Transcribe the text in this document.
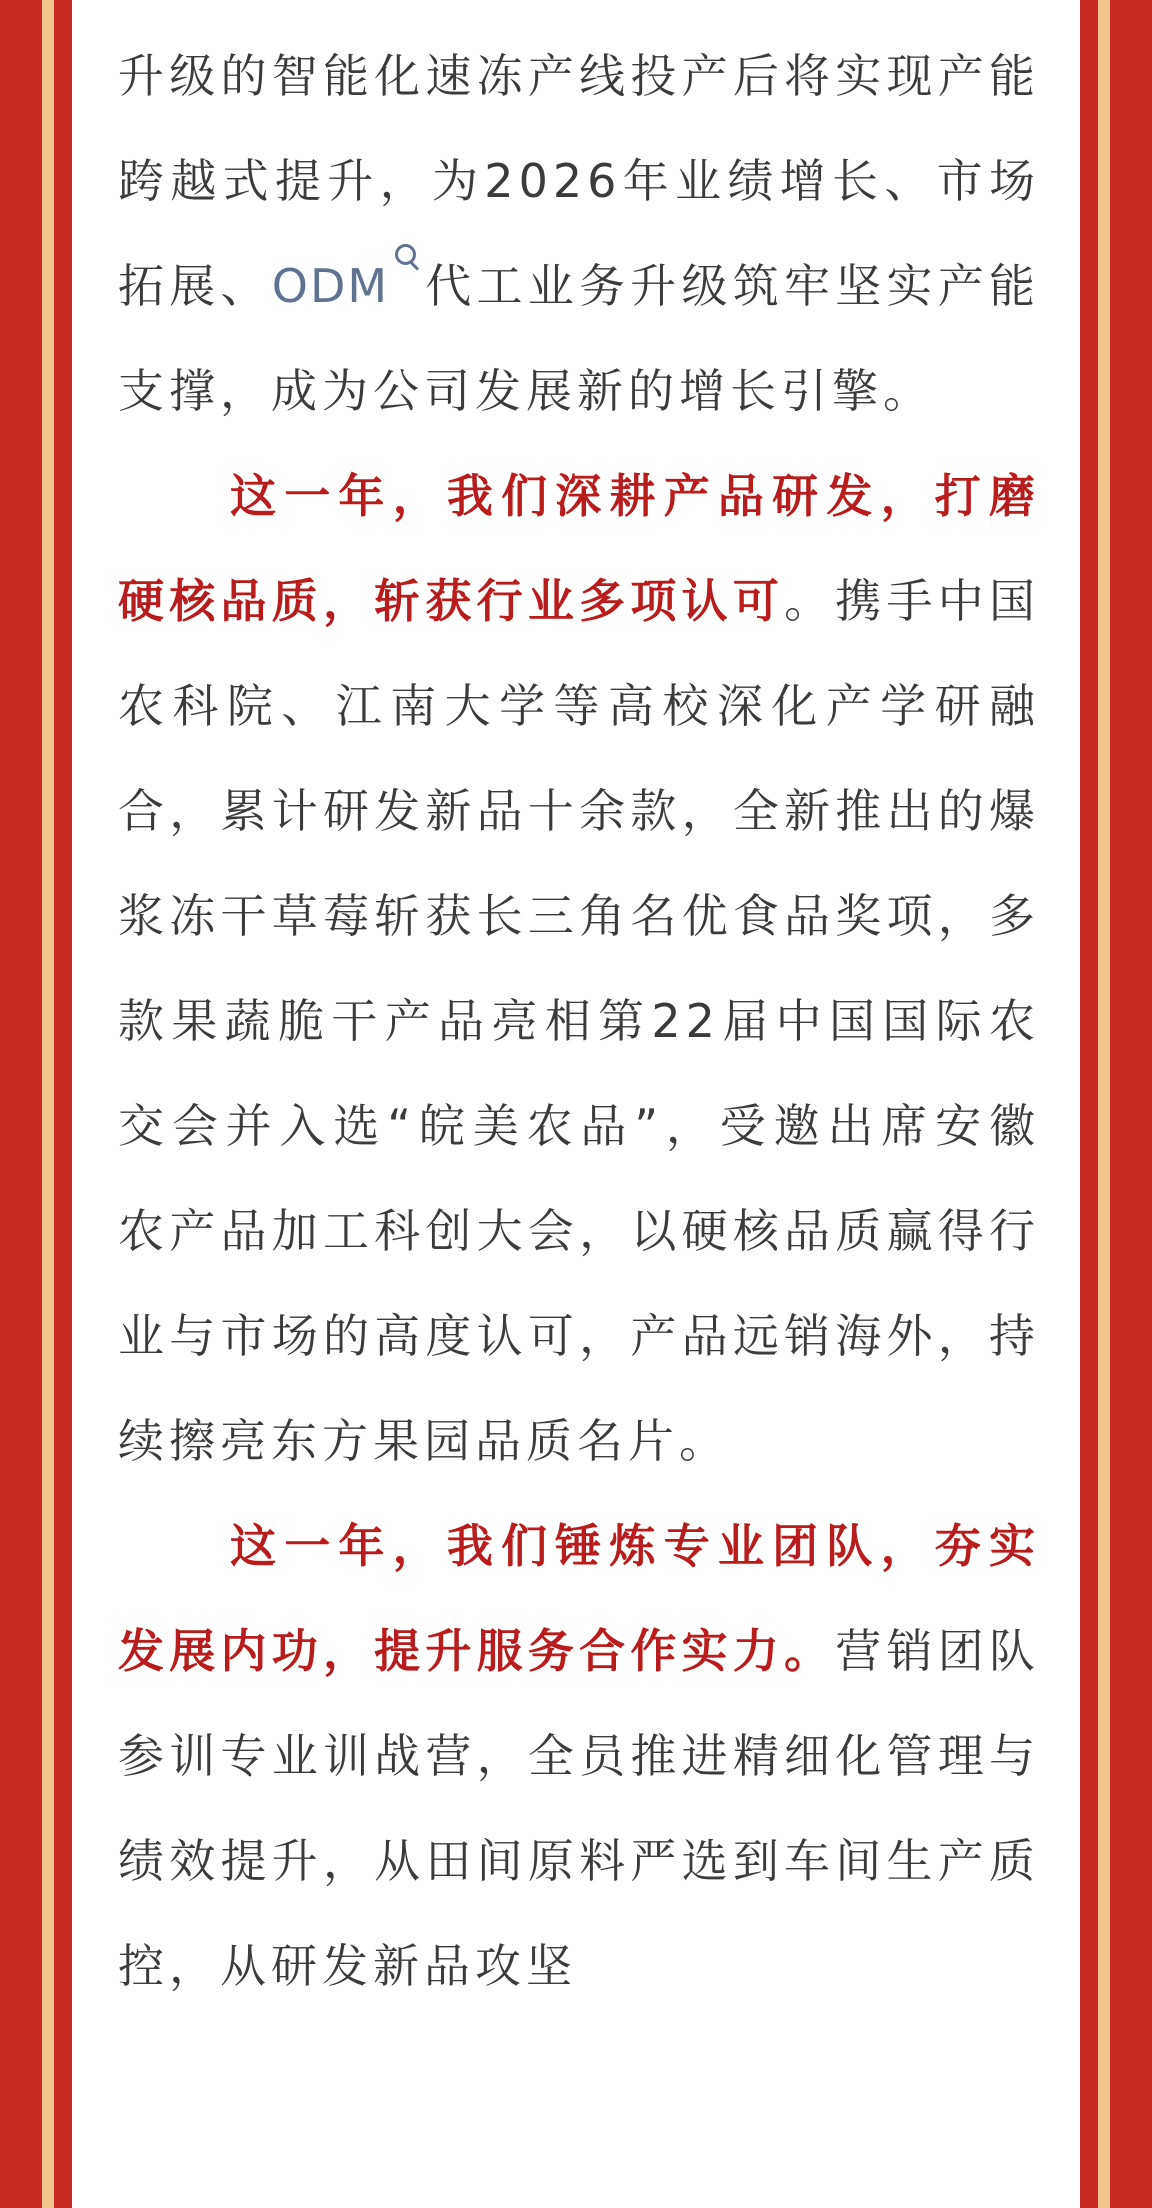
升级的智能化速冻产线投产后将实现产能跨越式提升，为2026年业绩增长、市场拓展、ODM 代工业务升级筑牢坚实产能支撑，成为公司发展新的增长引擎。

这一年，我们深耕产品研发，打磨硬核品质，斩获行业多项认可。携手中国农科院、江南大学等高校深化产学研融合，累计研发新品十余款，全新推出的爆浆冻干草莓斩获长三角名优食品奖项，多款果蔬脆干产品亮相第22届中国国际农交会并入选“皖美农品”，受邀出席安徽农产品加工科创大会，以硬核品质赢得行业与市场的高度认可，产品远销海外，持续擦亮东方果园品质名片。

这一年，我们锤炼专业团队，夯实发展内功，提升服务合作实力。营销团队参训专业训战营，全员推进精细化管理与绩效提升，从田间原料严选到车间生产质控，从研发新品攻坚
